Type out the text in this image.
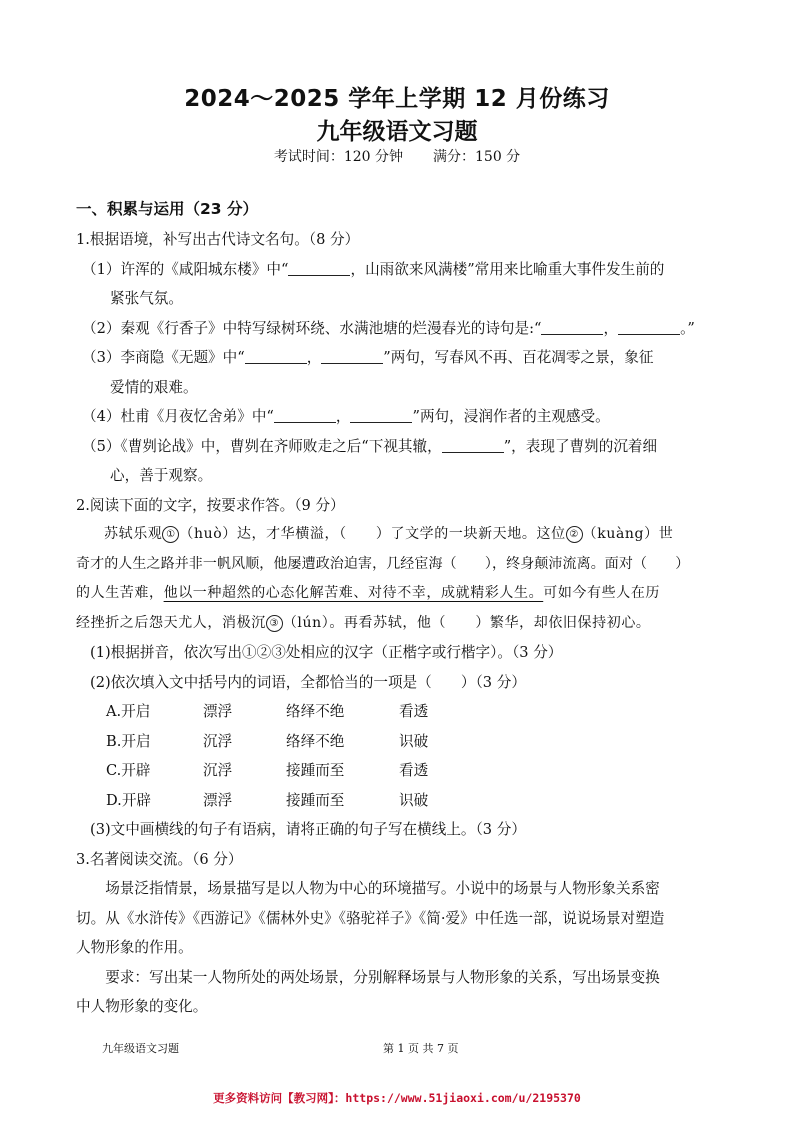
2024～2025 学年上学期 12 月份练习
九年级语文习题
考试时间：120 分钟 满分：150 分
一、积累与运用（23 分）
1.根据语境，补写出古代诗文名句。（8 分）
（1）许浑的《咸阳城东楼》中“	，山雨欲来风满楼”常用来比喻重大事件发生前的
紧张气氛。
（2）秦观《行香子》中特写绿树环绕、水满池塘的烂漫春光的诗句是:“	，	。”
（3）李商隐《无题》中“	，	”两句，写春风不再、百花凋零之景，象征
爱情的艰难。
（4）杜甫《月夜忆舍弟》中“	，	”两句，浸润作者的主观感受。
（5）《曹刿论战》中，曹刿在齐师败走之后“下视其辙，	”，表现了曹刿的沉着细
心，善于观察。
2.阅读下面的文字，按要求作答。（9 分）
苏轼乐观 ① （huò）达，才华横溢，（　　）了文学的一块新天地。这位 ② （kuàng）世
奇才的人生之路并非一帆风顺，他屡遭政治迫害，几经宦海（　　），终身颠沛流离。面对（　　）
的人生苦难，他以一种超然的心态化解苦难、对待不幸，成就精彩人生。可如今有些人在历
经挫折之后怨天尤人，消极沉 ③ （lún）。再看苏轼，他（　　）繁华，却依旧保持初心。
(1)根据拼音，依次写出①②③处相应的汉字（正楷字或行楷字）。（3 分）
(2)依次填入文中括号内的词语，全都恰当的一项是（　　）（3 分）
A.开启	漂浮	络绎不绝	看透
B.开启	沉浮	络绎不绝	识破
C.开辟	沉浮	接踵而至	看透
D.开辟	漂浮	接踵而至	识破
(3)文中画横线的句子有语病，请将正确的句子写在横线上。（3 分）
3.名著阅读交流。（6 分）
场景泛指情景，场景描写是以人物为中心的环境描写。小说中的场景与人物形象关系密
切。从《水浒传》《西游记》《儒林外史》《骆驼祥子》《简·爱》中任选一部，说说场景对塑造
人物形象的作用。
要求：写出某一人物所处的两处场景，分别解释场景与人物形象的关系，写出场景变换
中人物形象的变化。
九年级语文习题	第 1 页 共 7 页
更多资料访问【教习网】：https://www.51jiaoxi.com/u/2195370
